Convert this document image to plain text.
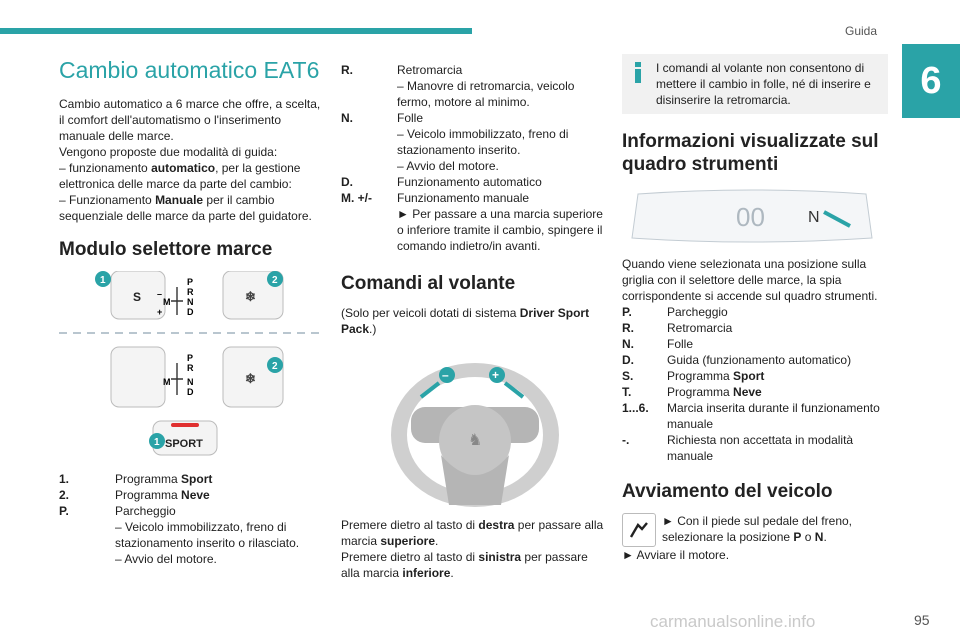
Guida
6
Cambio automatico EAT6

Cambio automatico a 6 marce che offre, a scelta, il comfort dell'automatismo o l'inserimento manuale delle marce.

Vengono proposte due modalità di guida:

– funzionamento automatico, per la gestione elettronica delle marce da parte del cambio:

– Funzionamento Manuale per il cambio sequenziale delle marce da parte del guidatore.

Modulo selettore marce
S	❄
P
R
N
D
M
–
+
1	2
❄
P
R
N
D
M
2
SPORT
1
1.	Programma Sport
2.	Programma Neve
P.	Parcheggio
– Veicolo immobilizzato, freno di stazionamento inserito o rilasciato.
– Avvio del motore.
R.	Retromarcia
– Manovre di retromarcia, veicolo fermo, motore al minimo.
N.	Folle
– Veicolo immobilizzato, freno di stazionamento inserito.
– Avvio del motore.
D.	Funzionamento automatico
M. +/-	Funzionamento manuale
► Per passare a una marcia superiore o inferiore tramite il cambio, spingere il comando indietro/in avanti.
Comandi al volante

(Solo per veicoli dotati di sistema Driver Sport Pack.)

♞
–	+

Premere dietro al tasto di destra per passare alla marcia superiore.

Premere dietro al tasto di sinistra per passare alla marcia inferiore.

I comandi al volante non consentono di mettere il cambio in folle, né di inserire e disinserire la retromarcia.

Informazioni visualizzate sul quadro strumenti
00	N

Quando viene selezionata una posizione sulla griglia con il selettore delle marce, la spia corrispondente si accende sul quadro strumenti.

P.	Parcheggio
R.	Retromarcia
N.	Folle
D.	Guida (funzionamento automatico)
S.	Programma Sport
T.	Programma Neve
1...6.	Marcia inserita durante il funzionamento manuale
-.	Richiesta non accettata in modalità manuale
Avviamento del veicolo

► Con il piede sul pedale del freno, selezionare la posizione P o N.

► Avviare il motore.

carmanualsonline.info	95
